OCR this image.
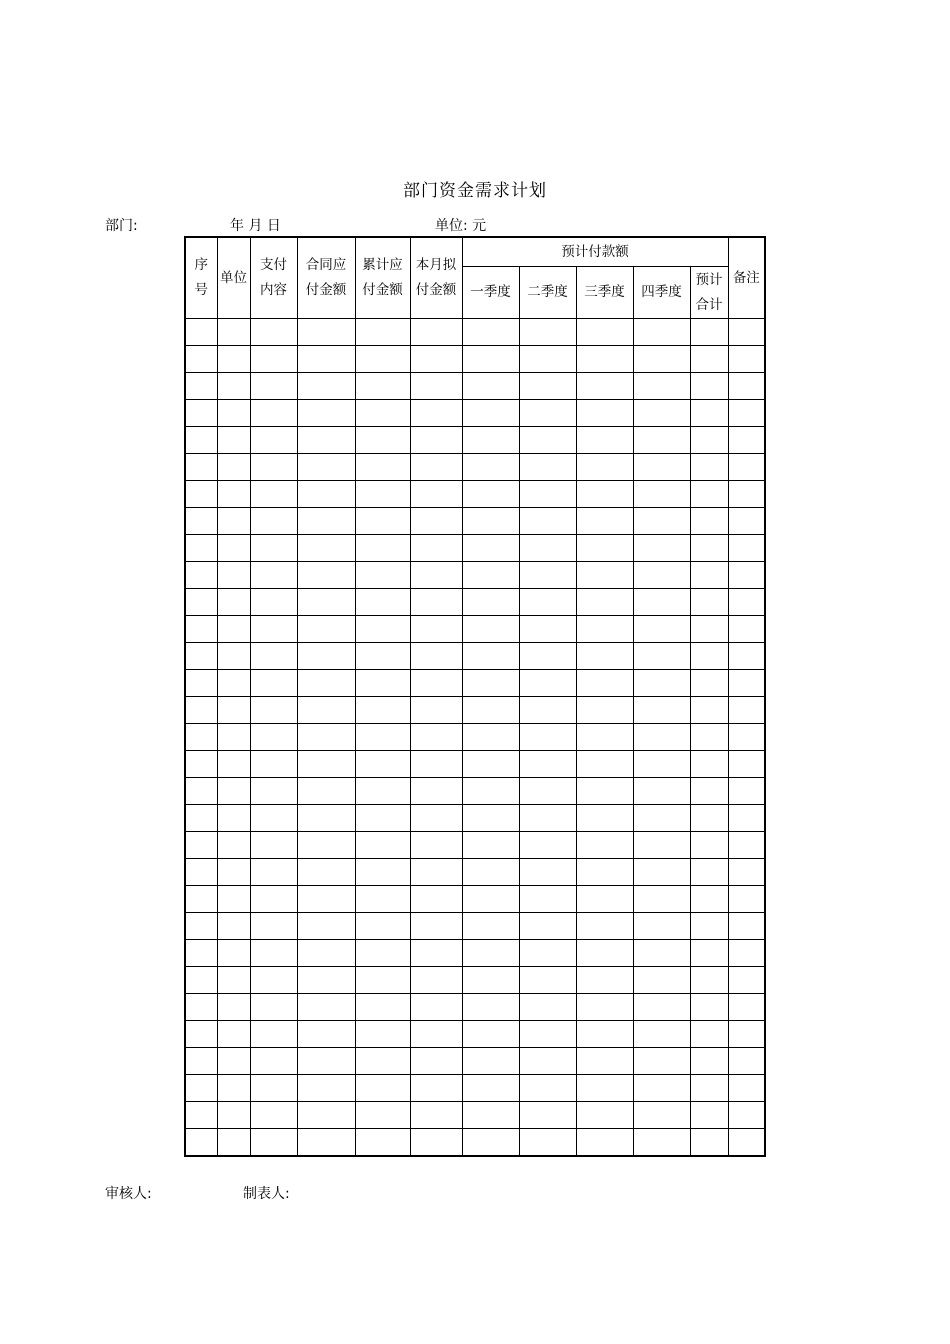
部门资金需求计划
部门:	年 月 日	单位: 元
序号	单位	支付内容	合同应付金额	累计应付金额	本月拟付金额	预计付款额					备注
						一季度	二季度	三季度	四季度	预计合计	

审核人:	制表人:
